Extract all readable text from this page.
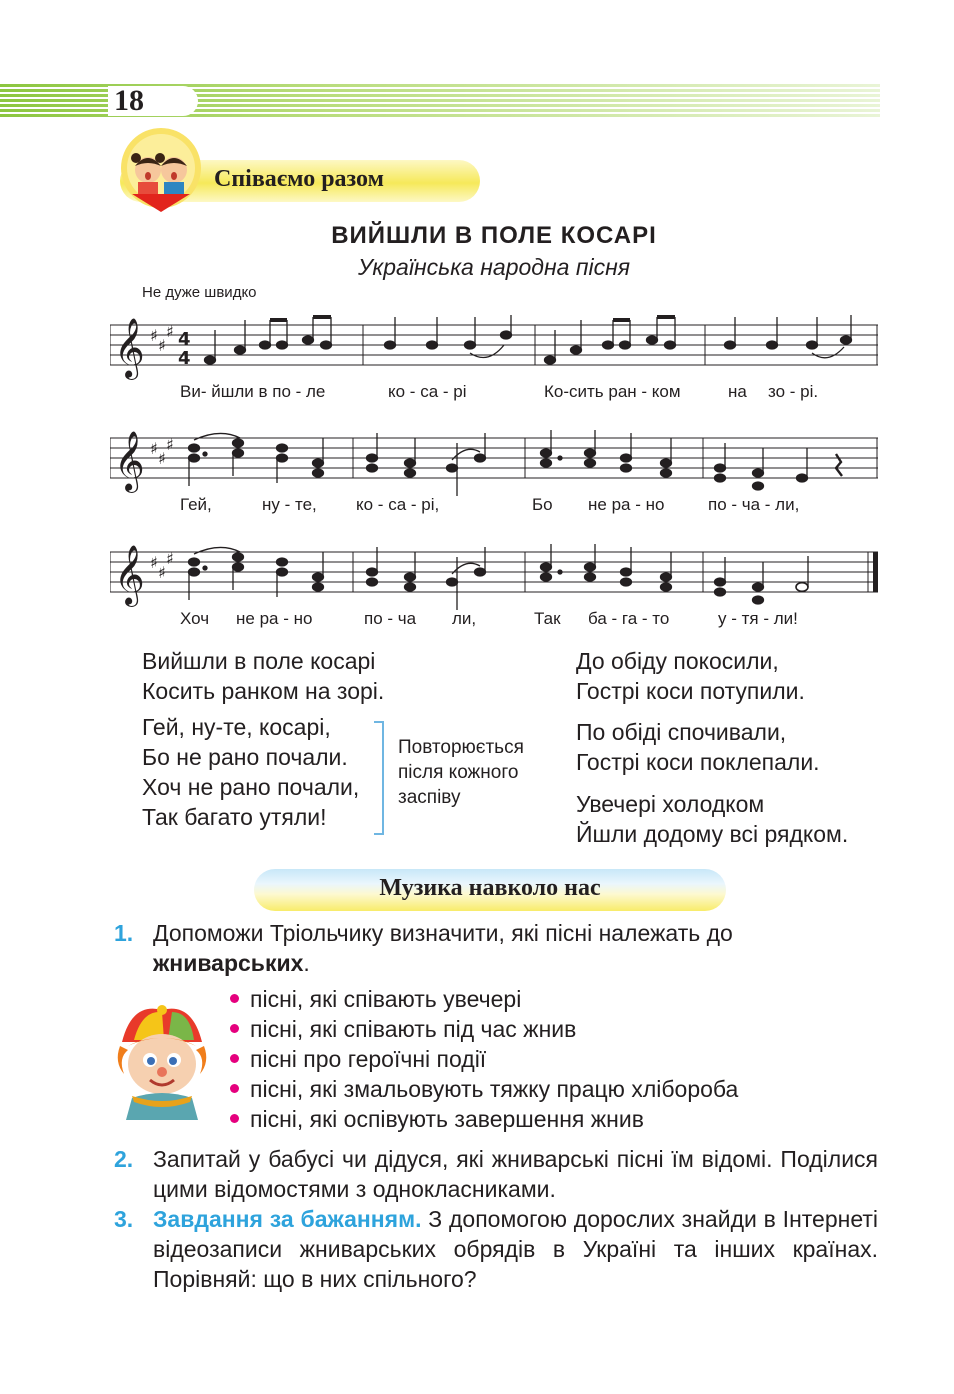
18
Співаємо разом
ВИЙШЛИ В ПОЛЕ КОСАРІ
Українська народна пісня
Не дуже швидко
𝄞 ♯
♯
♯ 4
4
Ви- йшли в по - ле	ко - са - рі	Ко-сить ран - ком	на зо - рі.
𝄞 ♯
♯
♯
Гей,	ну - те, ко - са - рі,	Бо не ра - но	по - ча - ли,
𝄞 ♯
♯
♯
Хоч не ра - но	по - ча ли,	Так ба - га - то	у - тя - ли!
Вийшли в поле косарі
Косить ранком на зорі.
Гей, ну-те, косарі,
Бо не рано почали.
Хоч не рано почали,
Так багато утяли!
Повторюється
після кожного
заспіву
До обіду покосили,
Гострі коси потупили.
По обіді спочивали,
Гострі коси поклепали.
Увечері холодком
Йшли додому всі рядком.
Музика навколо нас
1. Допоможи Тріольчику визначити, які пісні належать до
жниварських.
пісні, які співають увечері
пісні, які співають під час жнив
пісні про героїчні події
пісні, які змальовують тяжку працю хлібороба
пісні, які оспівують завершення жнив
2. Запитай у бабусі чи дідуся, які жниварські пісні їм відомі. Поділися цими відомостями з однокласниками.
3. Завдання за бажанням. З допомогою дорослих знайди в Інтернеті відеозаписи жниварських обрядів в Україні та інших країнах. Порівняй: що в них спільного?
